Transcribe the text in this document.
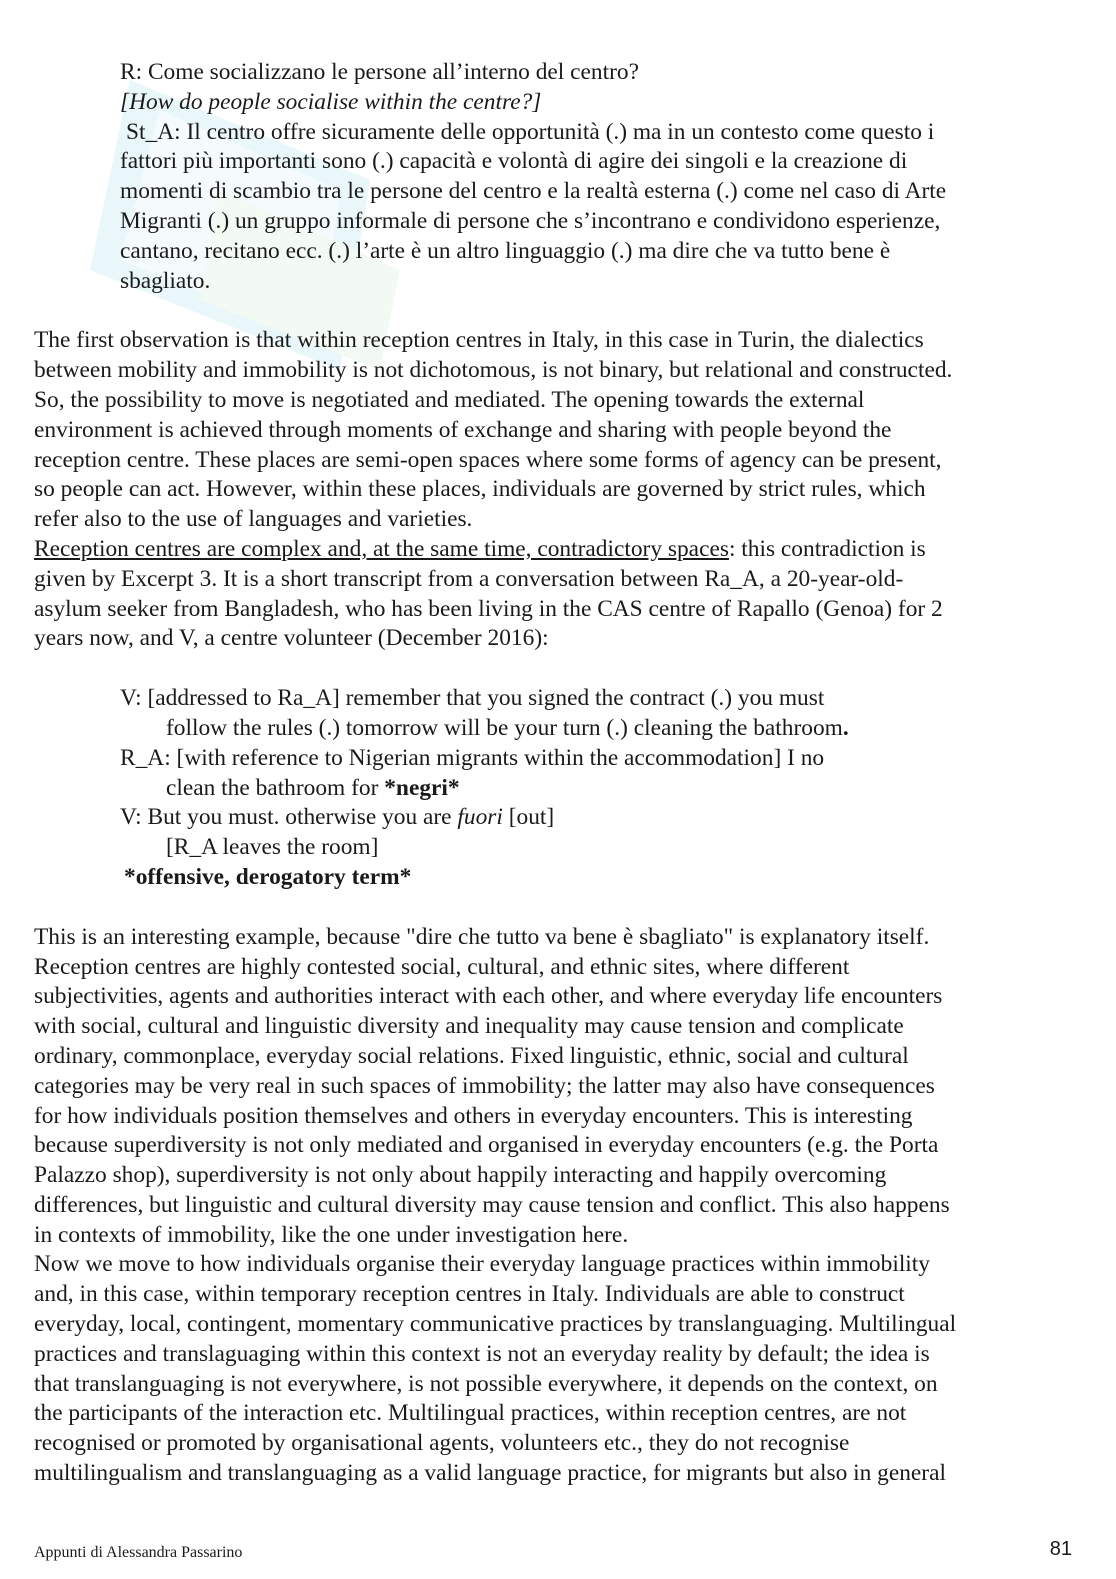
R: Come socializzano le persone all’interno del centro?
[How do people socialise within the centre?]
St_A: Il centro offre sicuramente delle opportunità (.) ma in un contesto come questo i
fattori più importanti sono (.) capacità e volontà di agire dei singoli e la creazione di
momenti di scambio tra le persone del centro e la realtà esterna (.) come nel caso di Arte
Migranti (.) un gruppo informale di persone che s’incontrano e condividono esperienze,
cantano, recitano ecc. (.) l’arte è un altro linguaggio (.) ma dire che va tutto bene è
sbagliato.
The first observation is that within reception centres in Italy, in this case in Turin, the dialectics
between mobility and immobility is not dichotomous, is not binary, but relational and constructed.
So, the possibility to move is negotiated and mediated. The opening towards the external
environment is achieved through moments of exchange and sharing with people beyond the
reception centre. These places are semi-open spaces where some forms of agency can be present,
so people can act. However, within these places, individuals are governed by strict rules, which
refer also to the use of languages and varieties.
Reception centres are complex and, at the same time, contradictory spaces: this contradiction is
given by Excerpt 3. It is a short transcript from a conversation between Ra_A, a 20-year-old-
asylum seeker from Bangladesh, who has been living in the CAS centre of Rapallo (Genoa) for 2
years now, and V, a centre volunteer (December 2016):
V: [addressed to Ra_A] remember that you signed the contract (.) you must
follow the rules (.) tomorrow will be your turn (.) cleaning the bathroom.
R_A: [with reference to Nigerian migrants within the accommodation] I no
clean the bathroom for *negri*
V: But you must. otherwise you are fuori [out]
[R_A leaves the room]
*offensive, derogatory term*
This is an interesting example, because "dire che tutto va bene è sbagliato" is explanatory itself.
Reception centres are highly contested social, cultural, and ethnic sites, where different
subjectivities, agents and authorities interact with each other, and where everyday life encounters
with social, cultural and linguistic diversity and inequality may cause tension and complicate
ordinary, commonplace, everyday social relations. Fixed linguistic, ethnic, social and cultural
categories may be very real in such spaces of immobility; the latter may also have consequences
for how individuals position themselves and others in everyday encounters. This is interesting
because superdiversity is not only mediated and organised in everyday encounters (e.g. the Porta
Palazzo shop), superdiversity is not only about happily interacting and happily overcoming
differences, but linguistic and cultural diversity may cause tension and conflict. This also happens
in contexts of immobility, like the one under investigation here.
Now we move to how individuals organise their everyday language practices within immobility
and, in this case, within temporary reception centres in Italy. Individuals are able to construct
everyday, local, contingent, momentary communicative practices by translanguaging. Multilingual
practices and translaguaging within this context is not an everyday reality by default; the idea is
that translanguaging is not everywhere, is not possible everywhere, it depends on the context, on
the participants of the interaction etc. Multilingual practices, within reception centres, are not
recognised or promoted by organisational agents, volunteers etc., they do not recognise
multilingualism and translanguaging as a valid language practice, for migrants but also in general
Appunti di Alessandra Passarino	81
